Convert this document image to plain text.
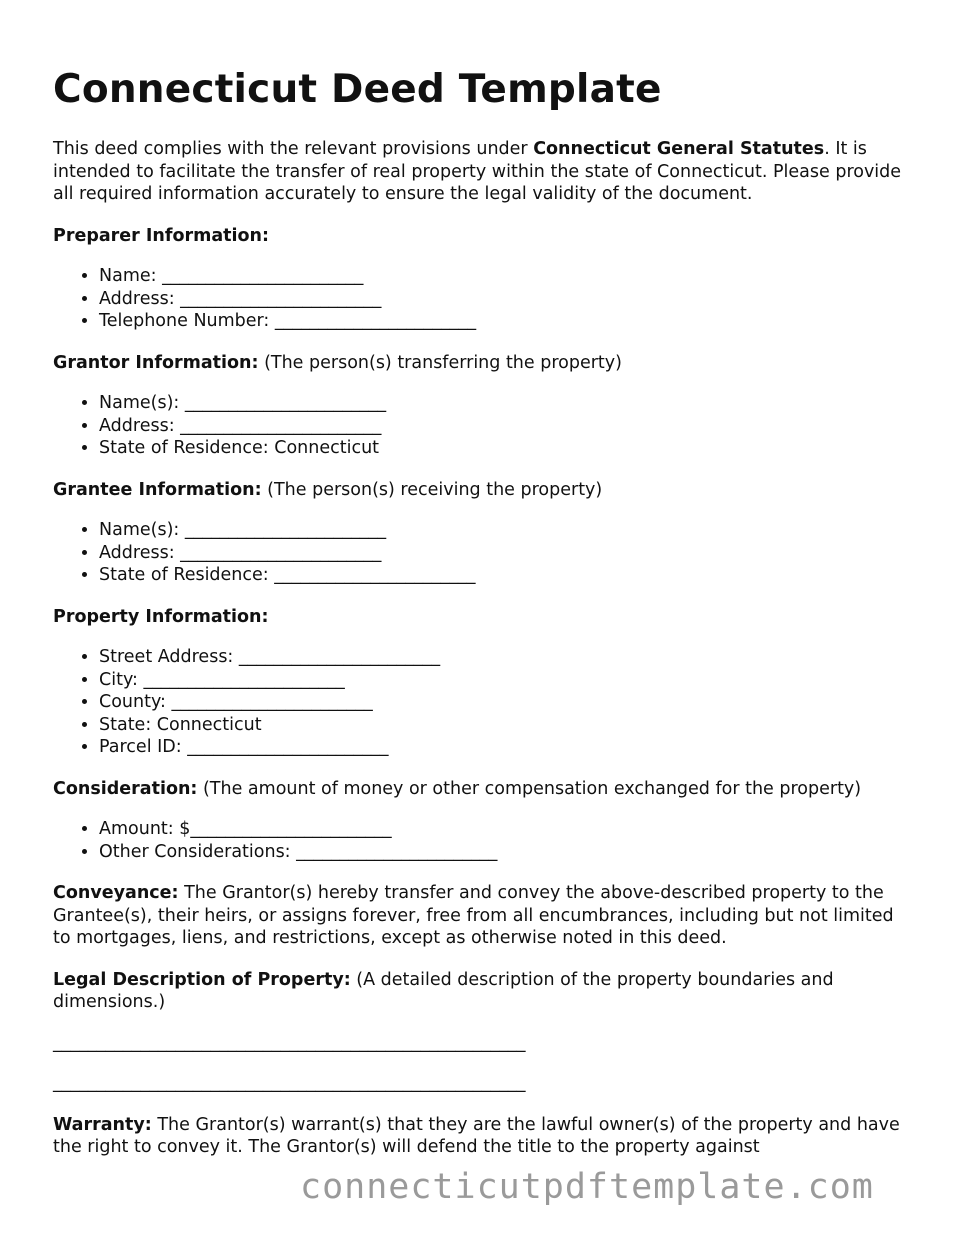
Connecticut Deed Template

This deed complies with the relevant provisions under Connecticut General Statutes. It is intended to facilitate the transfer of real property within the state of Connecticut. Please provide all required information accurately to ensure the legal validity of the document.

Preparer Information:

• Name: _______________________
• Address: _______________________
• Telephone Number: _______________________

Grantor Information: (The person(s) transferring the property)

• Name(s): _______________________
• Address: _______________________
• State of Residence: Connecticut

Grantee Information: (The person(s) receiving the property)

• Name(s): _______________________
• Address: _______________________
• State of Residence: _______________________

Property Information:

• Street Address: _______________________
• City: _______________________
• County: _______________________
• State: Connecticut
• Parcel ID: _______________________

Consideration: (The amount of money or other compensation exchanged for the property)

• Amount: $_______________________
• Other Considerations: _______________________

Conveyance: The Grantor(s) hereby transfer and convey the above-described property to the Grantee(s), their heirs, or assigns forever, free from all encumbrances, including but not limited to mortgages, liens, and restrictions, except as otherwise noted in this deed.

Legal Description of Property: (A detailed description of the property boundaries and dimensions.)

______________________________________________________
______________________________________________________

Warranty: The Grantor(s) warrant(s) that they are the lawful owner(s) of the property and have the right to convey it. The Grantor(s) will defend the title to the property against

connecticutpdftemplate.com
